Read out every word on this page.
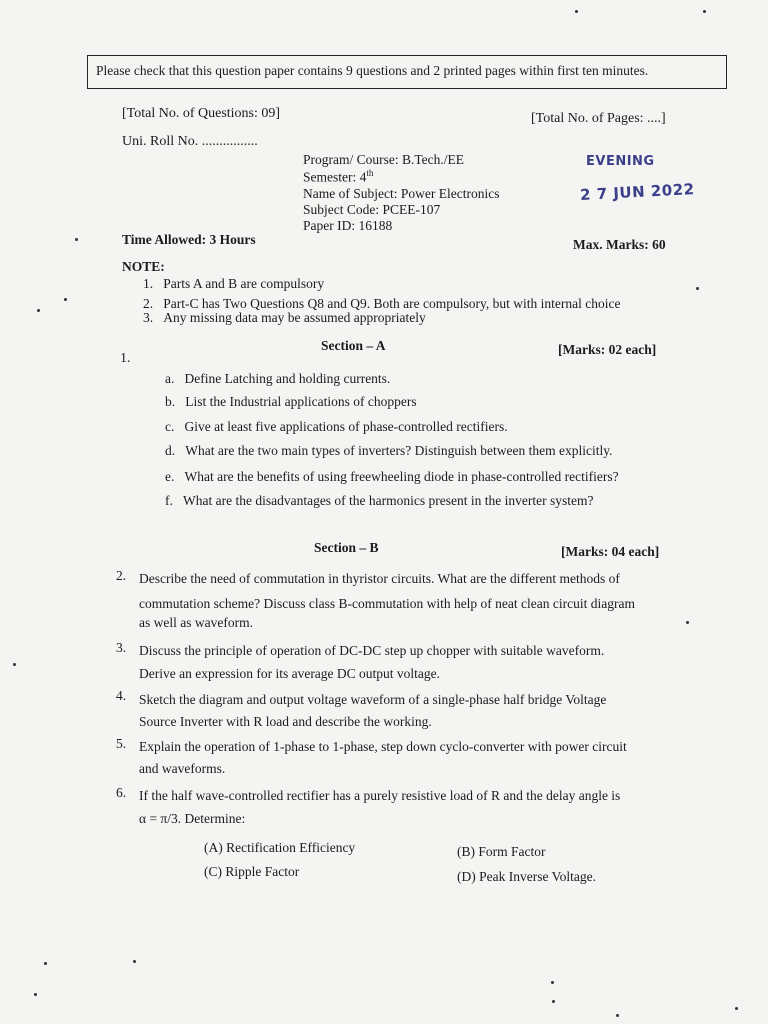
Please check that this question paper contains 9 questions and 2 printed pages within first ten minutes.
[Total No. of Questions: 09]	[Total No. of Pages: ....]
Uni. Roll No. ................
Program/ Course: B.Tech./EE
Semester: 4th
Name of Subject: Power Electronics
Subject Code: PCEE-107
Paper ID: 16188
EVENING
2 7 JUN 2022
Time Allowed: 3 Hours	Max. Marks: 60
NOTE:
1. Parts A and B are compulsory
2. Part-C has Two Questions Q8 and Q9. Both are compulsory, but with internal choice
3. Any missing data may be assumed appropriately
Section – A	[Marks: 02 each]
1.
a. Define Latching and holding currents.
b. List the Industrial applications of choppers
c. Give at least five applications of phase-controlled rectifiers.
d. What are the two main types of inverters? Distinguish between them explicitly.
e. What are the benefits of using freewheeling diode in phase-controlled rectifiers?
f. What are the disadvantages of the harmonics present in the inverter system?
Section – B	[Marks: 04 each]
2. Describe the need of commutation in thyristor circuits. What are the different methods of
commutation scheme? Discuss class B-commutation with help of neat clean circuit diagram
as well as waveform.
3. Discuss the principle of operation of DC-DC step up chopper with suitable waveform.
Derive an expression for its average DC output voltage.
4. Sketch the diagram and output voltage waveform of a single-phase half bridge Voltage
Source Inverter with R load and describe the working.
5. Explain the operation of 1-phase to 1-phase, step down cyclo-converter with power circuit
and waveforms.
6. If the half wave-controlled rectifier has a purely resistive load of R and the delay angle is
α = π/3. Determine:
(A) Rectification Efficiency	(B) Form Factor
(C) Ripple Factor	(D) Peak Inverse Voltage.
